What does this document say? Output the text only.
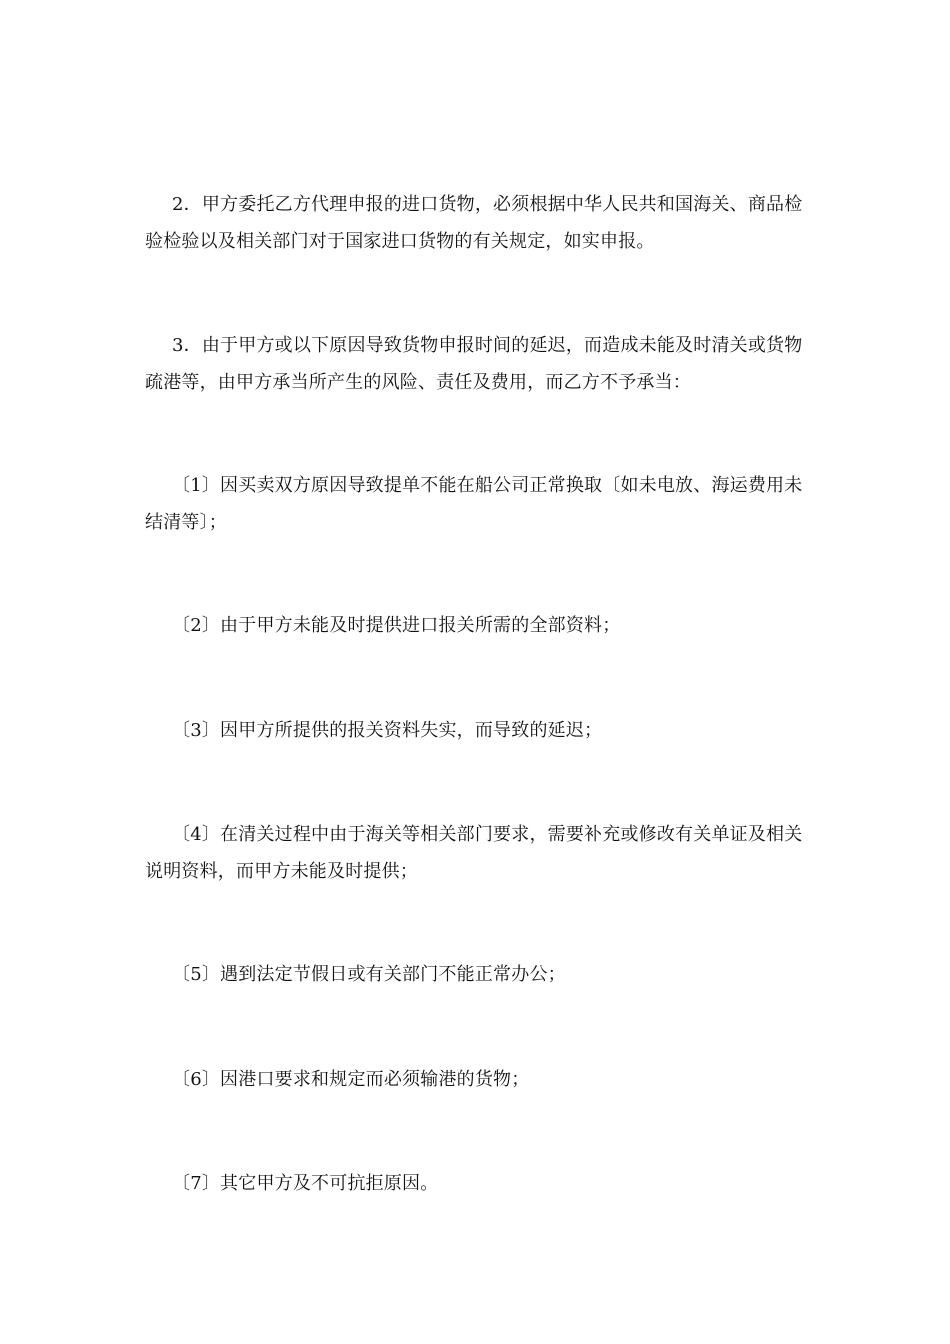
2．甲方委托乙方代理申报的进口货物，必须根据中华人民共和国海关、商品检验检验以及相关部门对于国家进口货物的有关规定，如实申报。

3．由于甲方或以下原因导致货物申报时间的延迟，而造成未能及时清关或货物疏港等，由甲方承当所产生的风险、责任及费用，而乙方不予承当：

〔1〕因买卖双方原因导致提单不能在船公司正常换取〔如未电放、海运费用未结清等〕；

〔2〕由于甲方未能及时提供进口报关所需的全部资料；

〔3〕因甲方所提供的报关资料失实，而导致的延迟；

〔4〕在清关过程中由于海关等相关部门要求，需要补充或修改有关单证及相关说明资料，而甲方未能及时提供；

〔5〕遇到法定节假日或有关部门不能正常办公；

〔6〕因港口要求和规定而必须输港的货物；

〔7〕其它甲方及不可抗拒原因。
